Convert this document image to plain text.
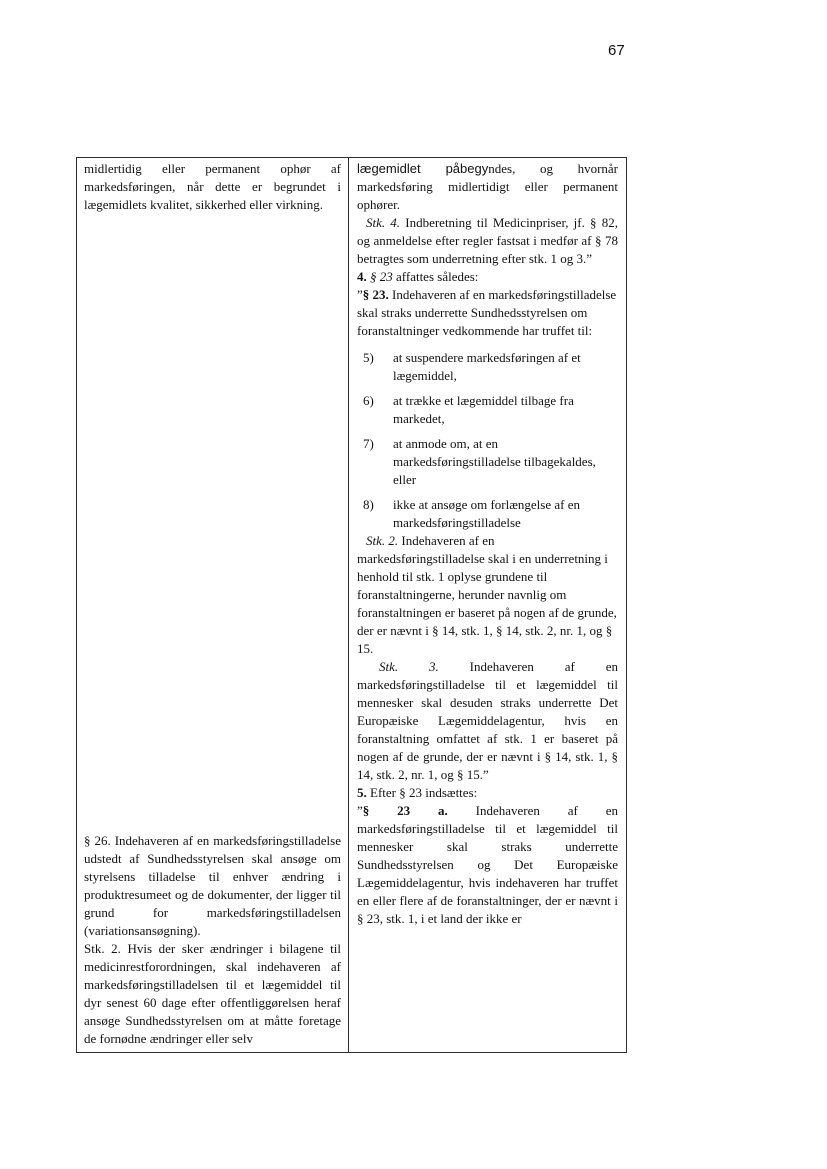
67

midlertidig eller permanent ophør af markedsføringen, når dette er begrundet i lægemidlets kvalitet, sikkerhed eller virkning.

§ 26. Indehaveren af en markedsføringstilladelse udstedt af Sundhedsstyrelsen skal ansøge om styrelsens tilladelse til enhver ændring i produktresumeet og de dokumenter, der ligger til grund for markedsføringstilladelsen (variationsansøgning).

Stk. 2. Hvis der sker ændringer i bilagene til medicinrestforordningen, skal indehaveren af markedsføringstilladelsen til et lægemiddel til dyr senest 60 dage efter offentliggørelsen heraf ansøge Sundhedsstyrelsen om at måtte foretage de fornødne ændringer eller selv

lægemidlet påbegyndes, og hvornår markedsføring midlertidigt eller permanent ophører.

Stk. 4. Indberetning til Medicinpriser, jf. § 82, og anmeldelse efter regler fastsat i medfør af § 78 betragtes som underretning efter stk. 1 og 3.”

4. § 23 affattes således:

”§ 23. Indehaveren af en markedsføringstilladelse skal straks underrette Sundhedsstyrelsen om foranstaltninger vedkommende har truffet til:

5)	at suspendere markedsføringen af et lægemiddel,
6)	at trække et lægemiddel tilbage fra markedet,
7)	at anmode om, at en markedsføringstilladelse tilbagekaldes, eller
8)	ikke at ansøge om forlængelse af en markedsføringstilladelse

Stk. 2. Indehaveren af en markedsføringstilladelse skal i en underretning i henhold til stk. 1 oplyse grundene til foranstaltningerne, herunder navnlig om foranstaltningen er baseret på nogen af de grunde, der er nævnt i § 14, stk. 1, § 14, stk. 2, nr. 1, og § 15.

Stk. 3. Indehaveren af en markedsføringstilladelse til et lægemiddel til mennesker skal desuden straks underrette Det Europæiske Lægemiddelagentur, hvis en foranstaltning omfattet af stk. 1 er baseret på nogen af de grunde, der er nævnt i § 14, stk. 1, § 14, stk. 2, nr. 1, og § 15.”

5. Efter § 23 indsættes:

”§ 23 a. Indehaveren af en markedsføringstilladelse til et lægemiddel til mennesker skal straks underrette Sundhedsstyrelsen og Det Europæiske Lægemiddelagentur, hvis indehaveren har truffet en eller flere af de foranstaltninger, der er nævnt i § 23, stk. 1, i et land der ikke er
